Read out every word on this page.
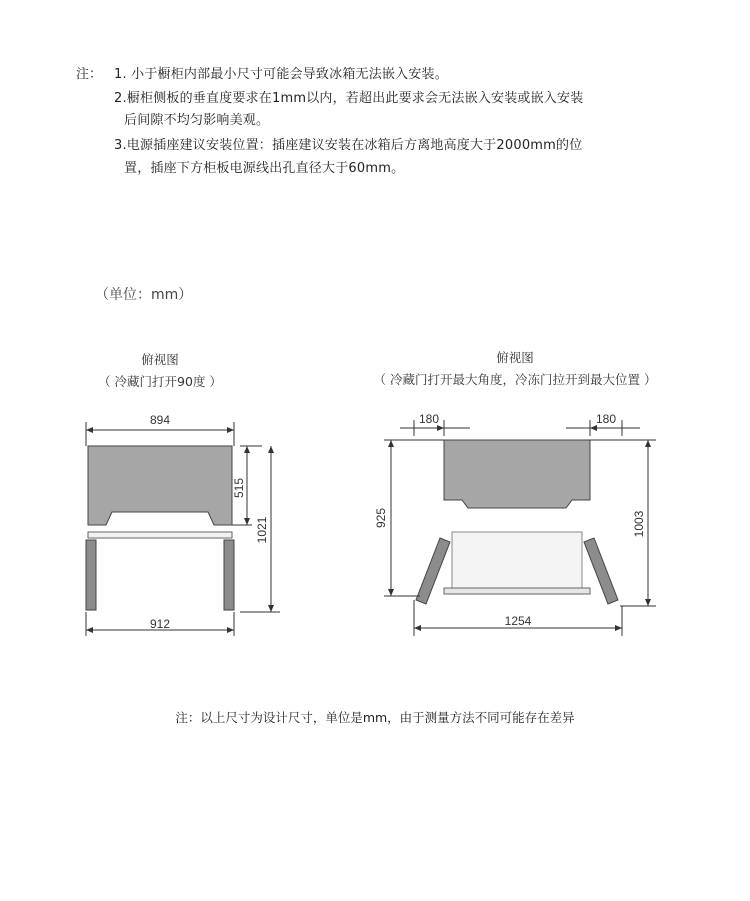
注： 1. 小于橱柜内部最小尺寸可能会导致冰箱无法嵌入安装。
2.橱柜侧板的垂直度要求在1mm以内，若超出此要求会无法嵌入安装或嵌入安装
后间隙不均匀影响美观。
3.电源插座建议安装位置：插座建议安装在冰箱后方离地高度大于2000mm的位
置，插座下方柜板电源线出孔直径大于60mm。
（单位：mm）
俯视图
（ 冷藏门打开90度 ）
俯视图
（ 冷藏门打开最大角度，冷冻门拉开到最大位置 ）
894
515
1021
912
180	180
925	1003
1254
注：以上尺寸为设计尺寸，单位是mm，由于测量方法不同可能存在差异
